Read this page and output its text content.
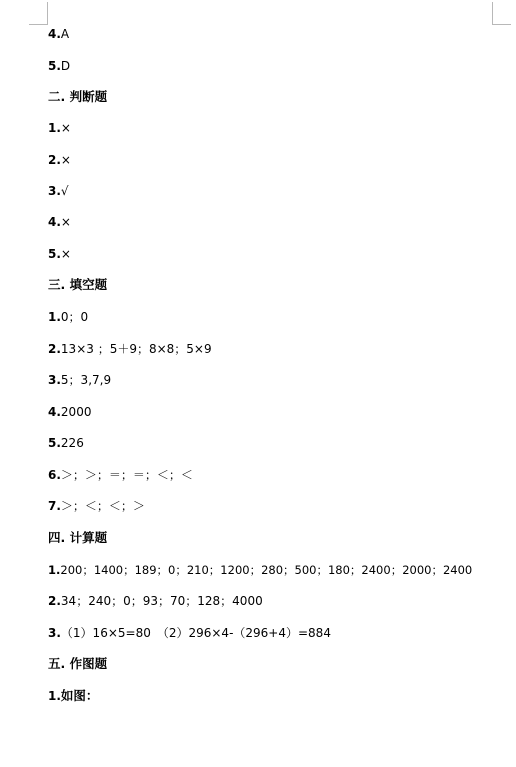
4.A
5.D
二. 判断题
1.×
2.×
3.√
4.×
5.×
三. 填空题
1.0；0
2.13×3 ；5＋9；8×8；5×9
3.5；3,7,9
4.2000
5.226
6.＞；＞；＝；＝；＜；＜
7.＞；＜；＜；＞
四. 计算题
1.200；1400；189；0；210；1200；280；500；180；2400；2000；2400
2.34；240；0；93；70；128；4000
3.（1）16×5=80　（2）296×4-（296+4）=884
五. 作图题
1.如图：
